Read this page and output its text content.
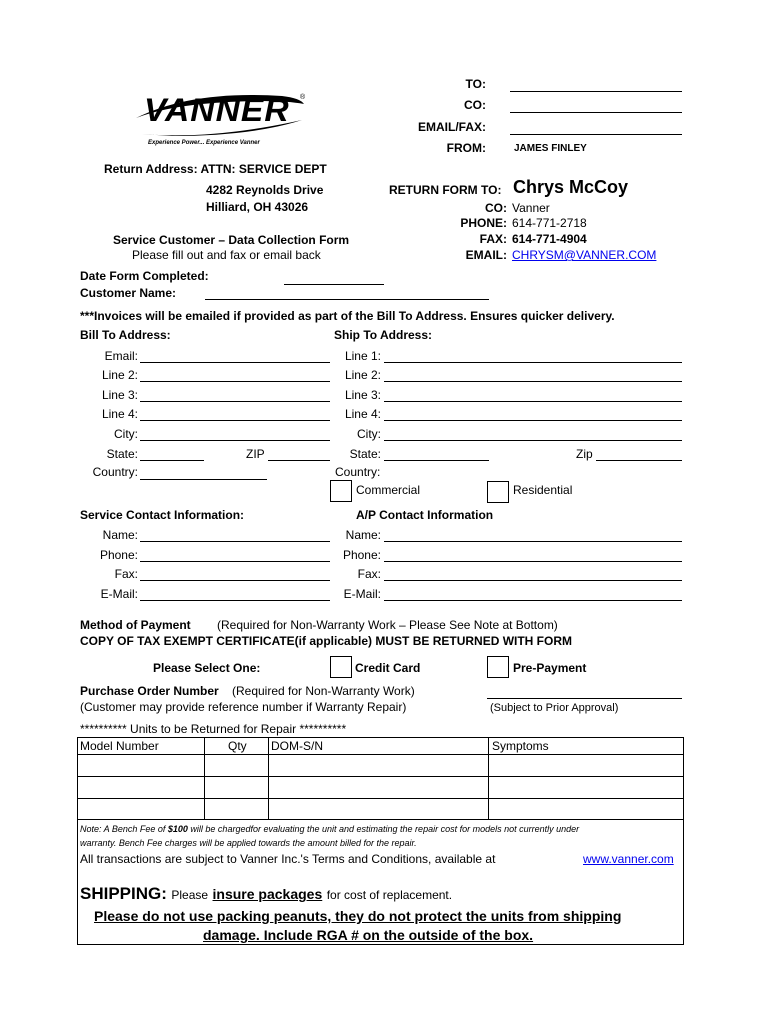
VANNER ®
Experience Power... Experience Vanner
TO:
CO:
EMAIL/FAX:
FROM:	JAMES FINLEY
Return Address: ATTN: SERVICE DEPT
4282 Reynolds Drive
Hilliard, OH 43026
RETURN FORM TO: Chrys McCoy
CO: Vanner
PHONE: 614-771-2718
FAX: 614-771-4904
EMAIL: CHRYSM@VANNER.COM
Service Customer – Data Collection Form
Please fill out and fax or email back
Date Form Completed:
Customer Name:
***Invoices will be emailed if provided as part of the Bill To Address. Ensures quicker delivery.
Bill To Address:	Ship To Address:
Email:
Line 2:
Line 3:
Line 4:
City:
State:	ZIP
Country:
Line 1:
Line 2:
Line 3:
Line 4:
City:
State:	Zip
Country:
Commercial	Residential
Service Contact Information:	A/P Contact Information
Name:
Phone:
Fax:
E-Mail:
Name:
Phone:
Fax:
E-Mail:
Method of Payment (Required for Non-Warranty Work – Please See Note at Bottom)
COPY OF TAX EXEMPT CERTIFICATE(if applicable) MUST BE RETURNED WITH FORM
Please Select One:	Credit Card	Pre-Payment
Purchase Order Number (Required for Non-Warranty Work)
(Customer may provide reference number if Warranty Repair)	(Subject to Prior Approval)
********** Units to be Returned for Repair **********
Model Number	Qty DOM-S/N	Symptoms
Note: A Bench Fee of $100 will be chargedfor evaluating the unit and estimating the repair cost for models not currently under
warranty. Bench Fee charges will be applied towards the amount billed for the repair.
All transactions are subject to Vanner Inc.'s Terms and Conditions, available at	www.vanner.com
SHIPPING: Please insure packages for cost of replacement.
Please do not use packing peanuts, they do not protect the units from shipping
damage. Include RGA # on the outside of the box.
